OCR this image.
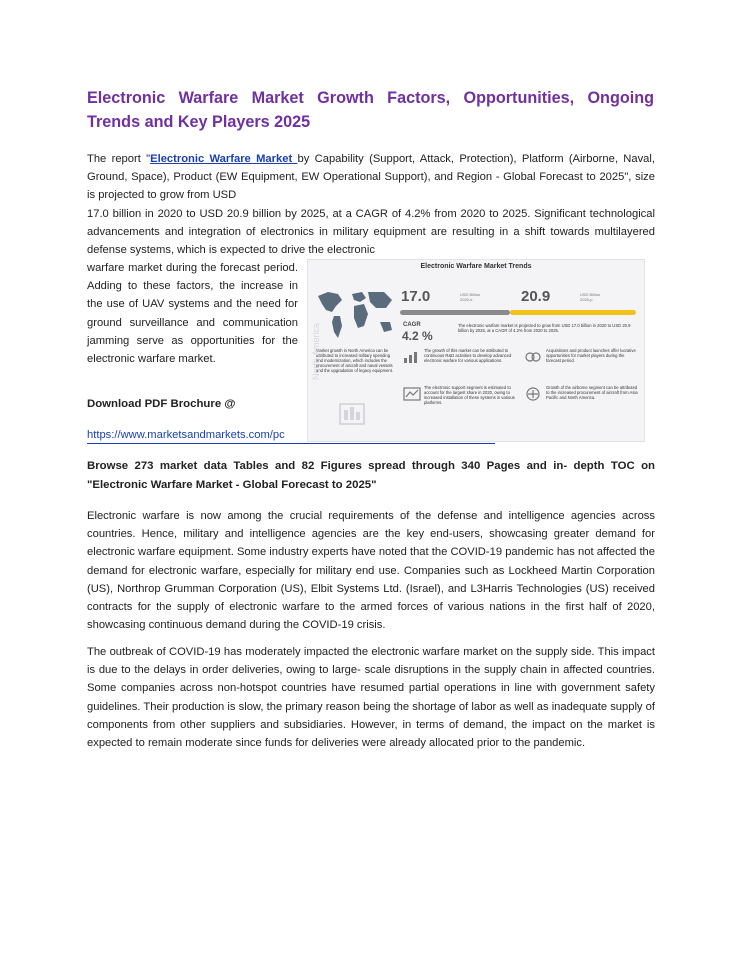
Electronic Warfare Market Growth Factors, Opportunities, Ongoing Trends and Key Players 2025
The report "Electronic Warfare Market by Capability (Support, Attack, Protection), Platform (Airborne, Naval, Ground, Space), Product (EW Equipment, EW Operational Support), and Region - Global Forecast to 2025", size is projected to grow from USD
17.0 billion in 2020 to USD 20.9 billion by 2025, at a CAGR of 4.2% from 2020 to 2025. Significant technological advancements and integration of electronics in military equipment are resulting in a shift towards multilayered defense systems, which is expected to drive the electronic
warfare market during the forecast period. Adding to these factors, the increase in the use of UAV systems and the need for ground surveillance and communication jamming serve as opportunities for the electronic warfare market.
Electronic Warfare Market Trends
17.0	USD Billion 2020-e	20.9	USD Billion 2025-p
CAGR
4.2 %
The electronic warfare market is projected to grow from USD 17.0 billion in 2020 to USD 20.9 billion by 2025, at a CAGR of 4.2% from 2020 to 2025.
Market growth in North America can be attributed to increased military spending and modernization, which includes the procurement of aircraft and naval vessels and the upgradation of legacy equipment.
North America	The growth of this market can be attributed to continuous R&D activities to develop advanced electronic warfare for various applications.
Acquisitions and product launches offer lucrative opportunities for market players during the forecast period.
The electronic support segment is estimated to account for the largest share in 2020, owing to increased installation of these systems in various platforms.
Growth of the airborne segment can be attributed to the increased procurement of aircraft from Asia Pacific and North America.
Download PDF Brochure @
https://www.marketsandmarkets.com/pc
Browse 273 market data Tables and 82 Figures spread through 340 Pages and in- depth TOC on "Electronic Warfare Market - Global Forecast to 2025"
Electronic warfare is now among the crucial requirements of the defense and intelligence agencies across countries. Hence, military and intelligence agencies are the key end-users, showcasing greater demand for electronic warfare equipment. Some industry experts have noted that the COVID-19 pandemic has not affected the demand for electronic warfare, especially for military end use. Companies such as Lockheed Martin Corporation (US), Northrop Grumman Corporation (US), Elbit Systems Ltd. (Israel), and L3Harris Technologies (US) received contracts for the supply of electronic warfare to the armed forces of various nations in the first half of 2020, showcasing continuous demand during the COVID-19 crisis.
The outbreak of COVID-19 has moderately impacted the electronic warfare market on the supply side. This impact is due to the delays in order deliveries, owing to large- scale disruptions in the supply chain in affected countries. Some companies across non-hotspot countries have resumed partial operations in line with government safety guidelines. Their production is slow, the primary reason being the shortage of labor as well as inadequate supply of components from other suppliers and subsidiaries. However, in terms of demand, the impact on the market is expected to remain moderate since funds for deliveries were already allocated prior to the pandemic.
